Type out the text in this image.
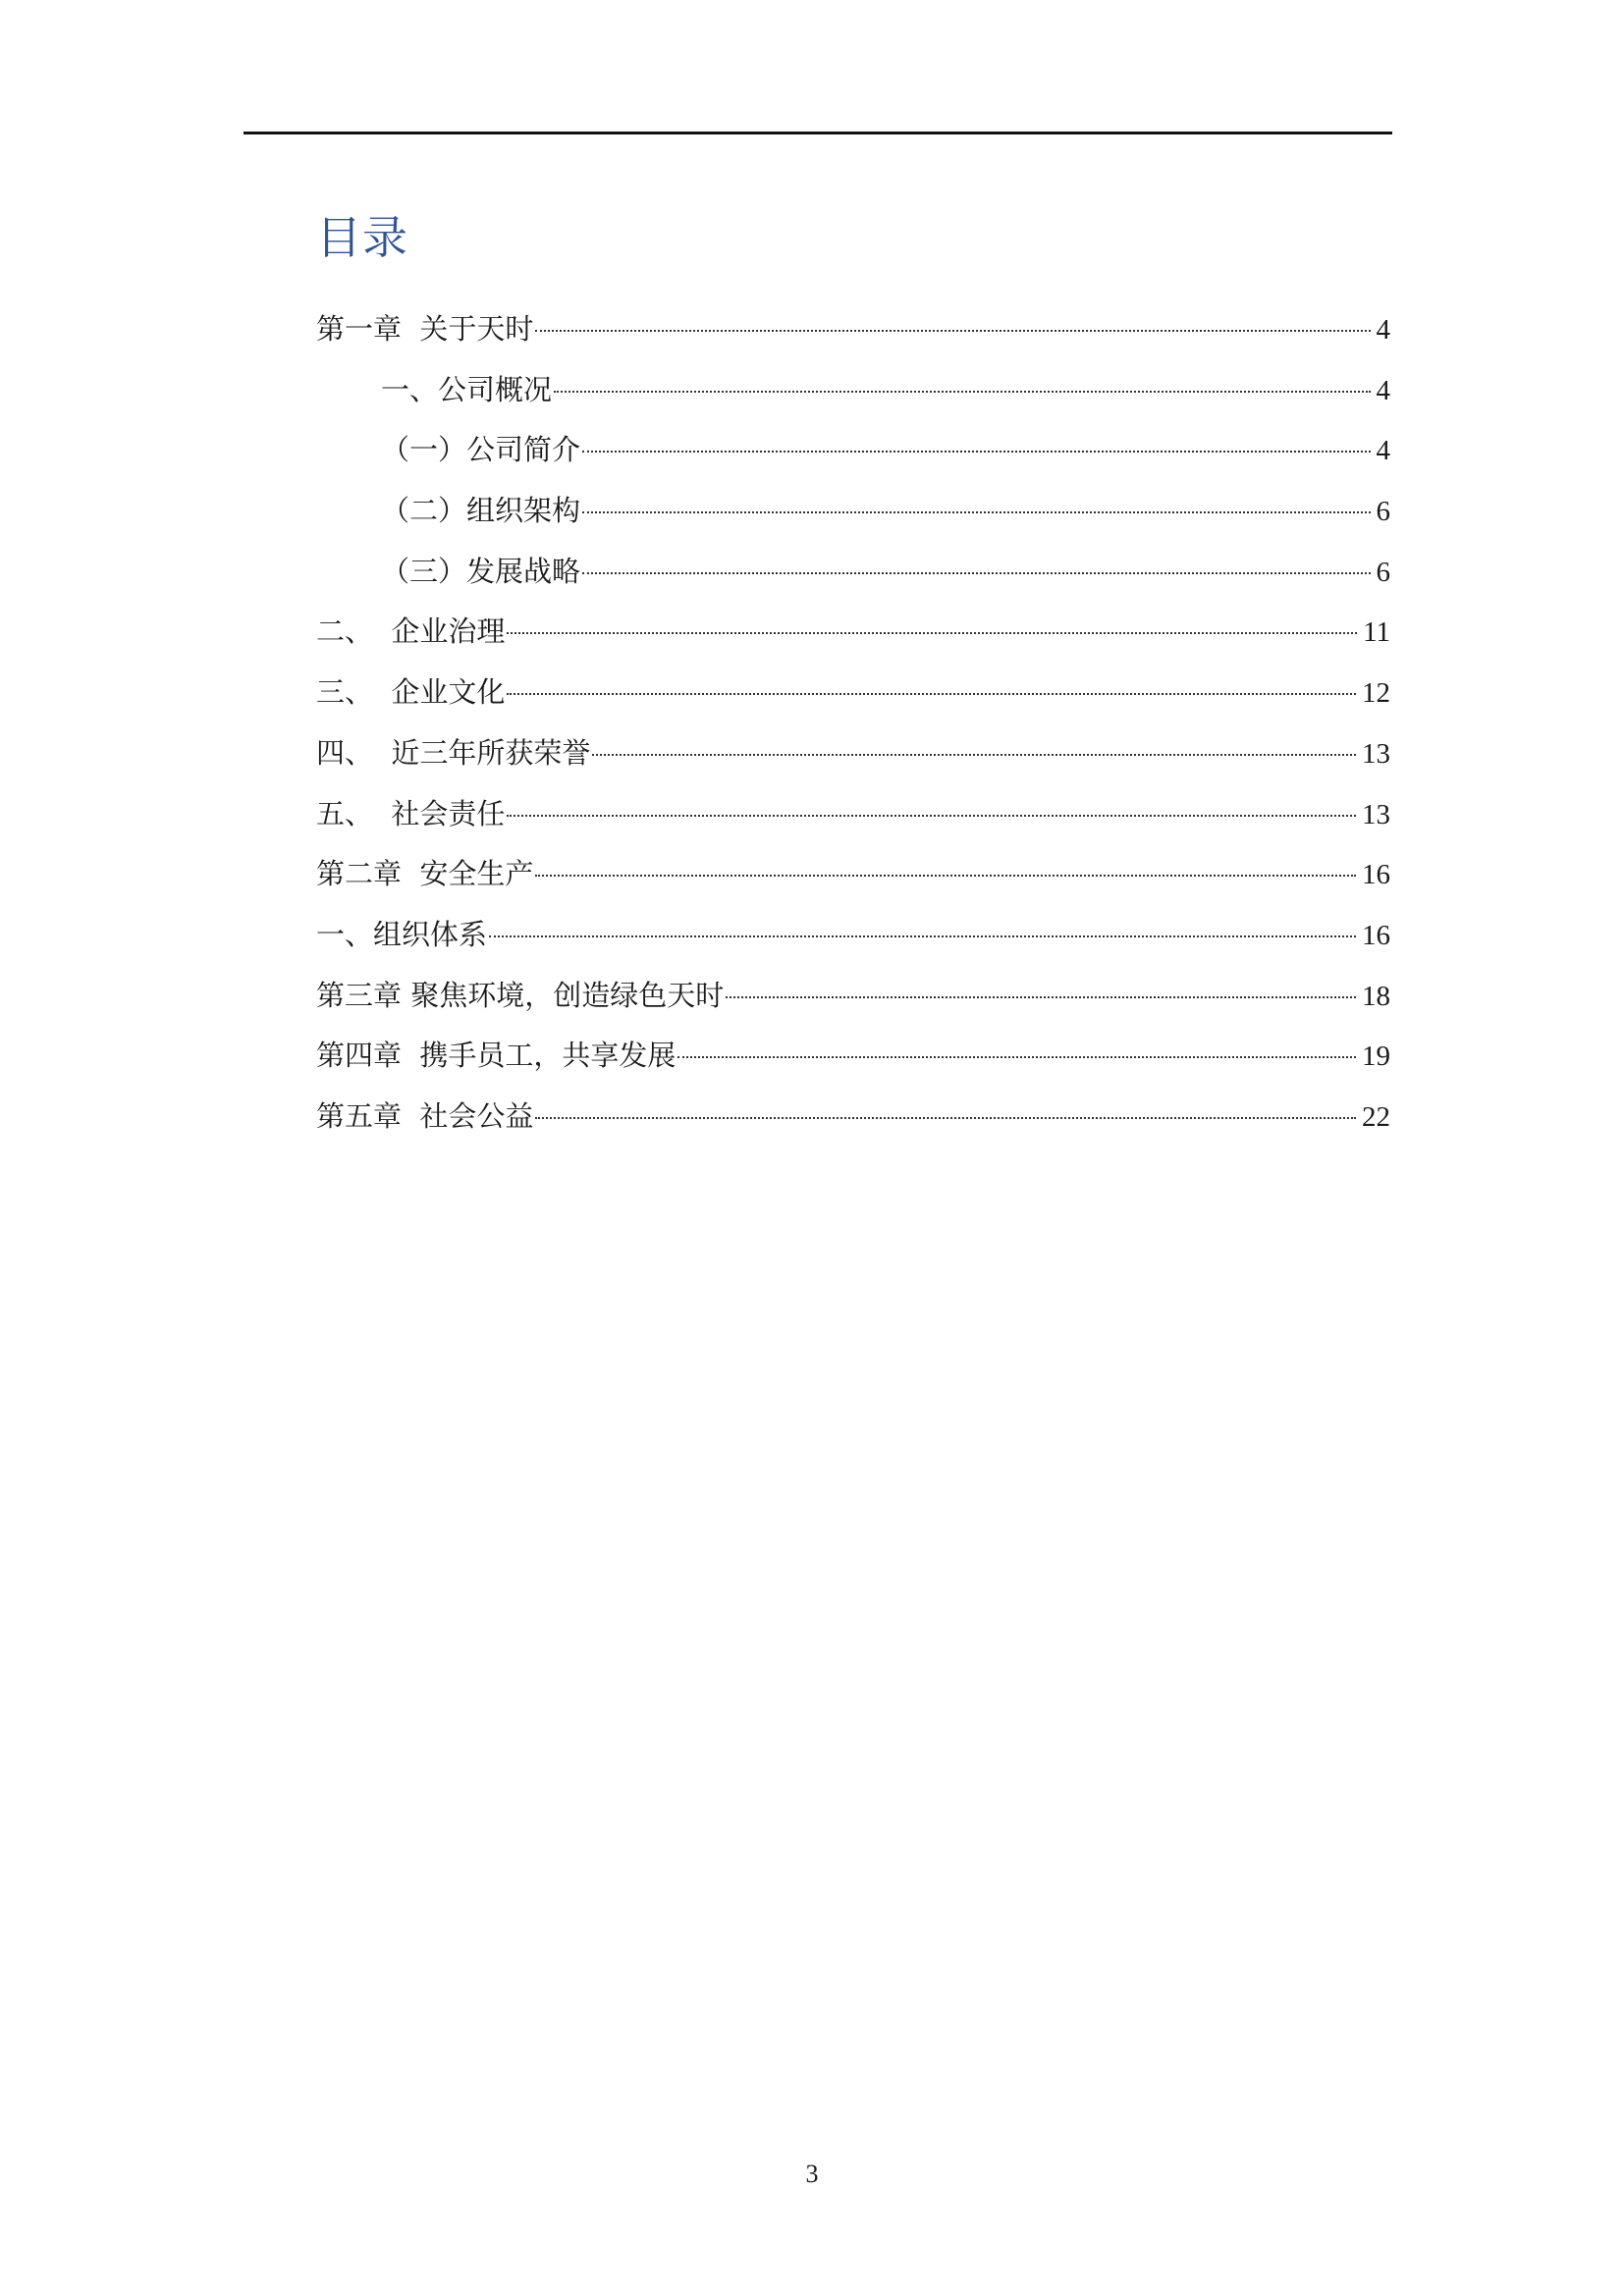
目录
第一章  关于天时	4
一、公司概况	4
（一）公司简介	4
（二）组织架构	6
（三）发展战略	6
二、  企业治理	11
三、  企业文化	12
四、  近三年所获荣誉	13
五、  社会责任	13
第二章  安全生产	16
一、组织体系	16
第三章 聚焦环境，创造绿色天时	18
第四章  携手员工，共享发展	19
第五章  社会公益	22
3
